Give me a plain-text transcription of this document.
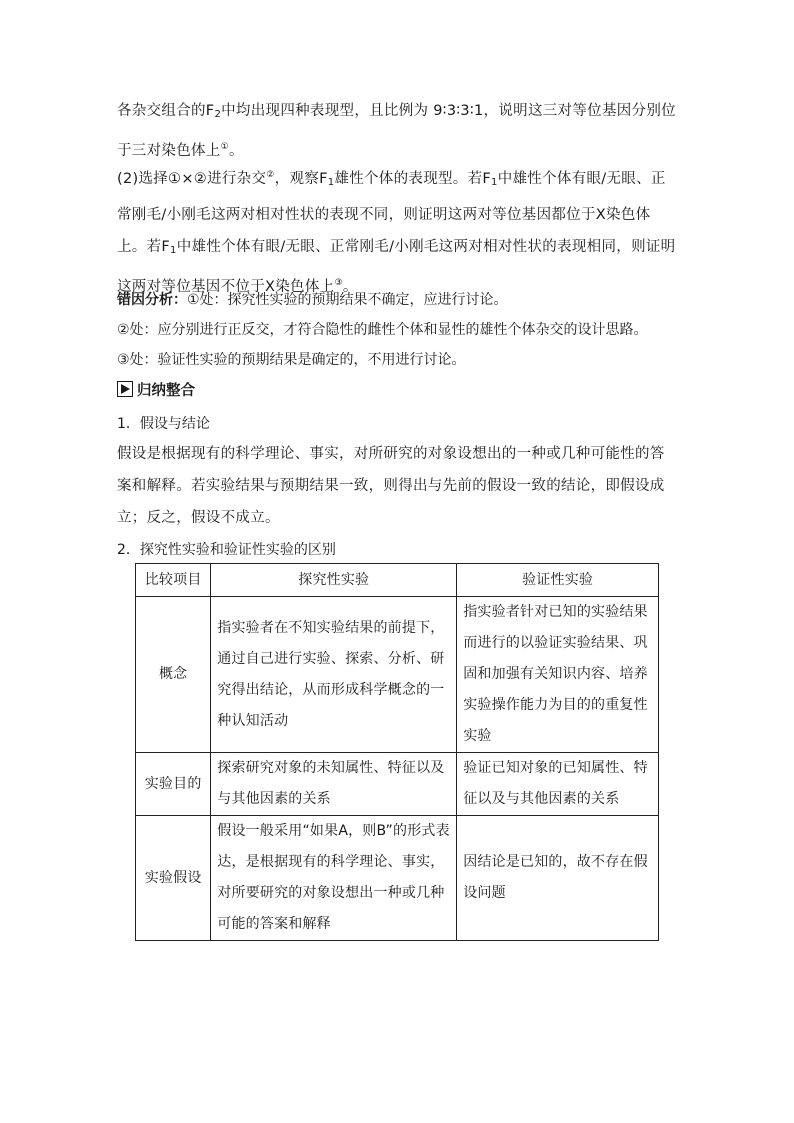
各杂交组合的$F_2$中均出现四种表现型，且比例为 9∶3∶3∶1，说明这三对等位基因分别位于三对染色体上①。
(2)选择①×②进行杂交②，观察$F_1$雄性个体的表现型。若$F_1$中雄性个体有眼/无眼、正常刚毛/小刚毛这两对相对性状的表现不同，则证明这两对等位基因都位于X染色体上。若$F_1$中雄性个体有眼/无眼、正常刚毛/小刚毛这两对相对性状的表现相同，则证明这两对等位基因不位于X染色体上③。
错因分析：①处：探究性实验的预期结果不确定，应进行讨论。
②处：应分别进行正反交，才符合隐性的雌性个体和显性的雄性个体杂交的设计思路。
③处：验证性实验的预期结果是确定的，不用进行讨论。
归纳整合
1．假设与结论
假设是根据现有的科学理论、事实，对所研究的对象设想出的一种或几种可能性的答案和解释。若实验结果与预期结果一致，则得出与先前的假设一致的结论，即假设成立；反之，假设不成立。
2．探究性实验和验证性实验的区别
比较项目	探究性实验	验证性实验
概念	指实验者在不知实验结果的前提下，通过自己进行实验、探索、分析、研究得出结论，从而形成科学概念的一种认知活动	指实验者针对已知的实验结果而进行的以验证实验结果、巩固和加强有关知识内容、培养实验操作能力为目的的重复性实验
实验目的	探索研究对象的未知属性、特征以及与其他因素的关系	验证已知对象的已知属性、特征以及与其他因素的关系
实验假设	假设一般采用“如果A，则B”的形式表达，是根据现有的科学理论、事实，对所要研究的对象设想出一种或几种可能的答案和解释	因结论是已知的，故不存在假设问题
